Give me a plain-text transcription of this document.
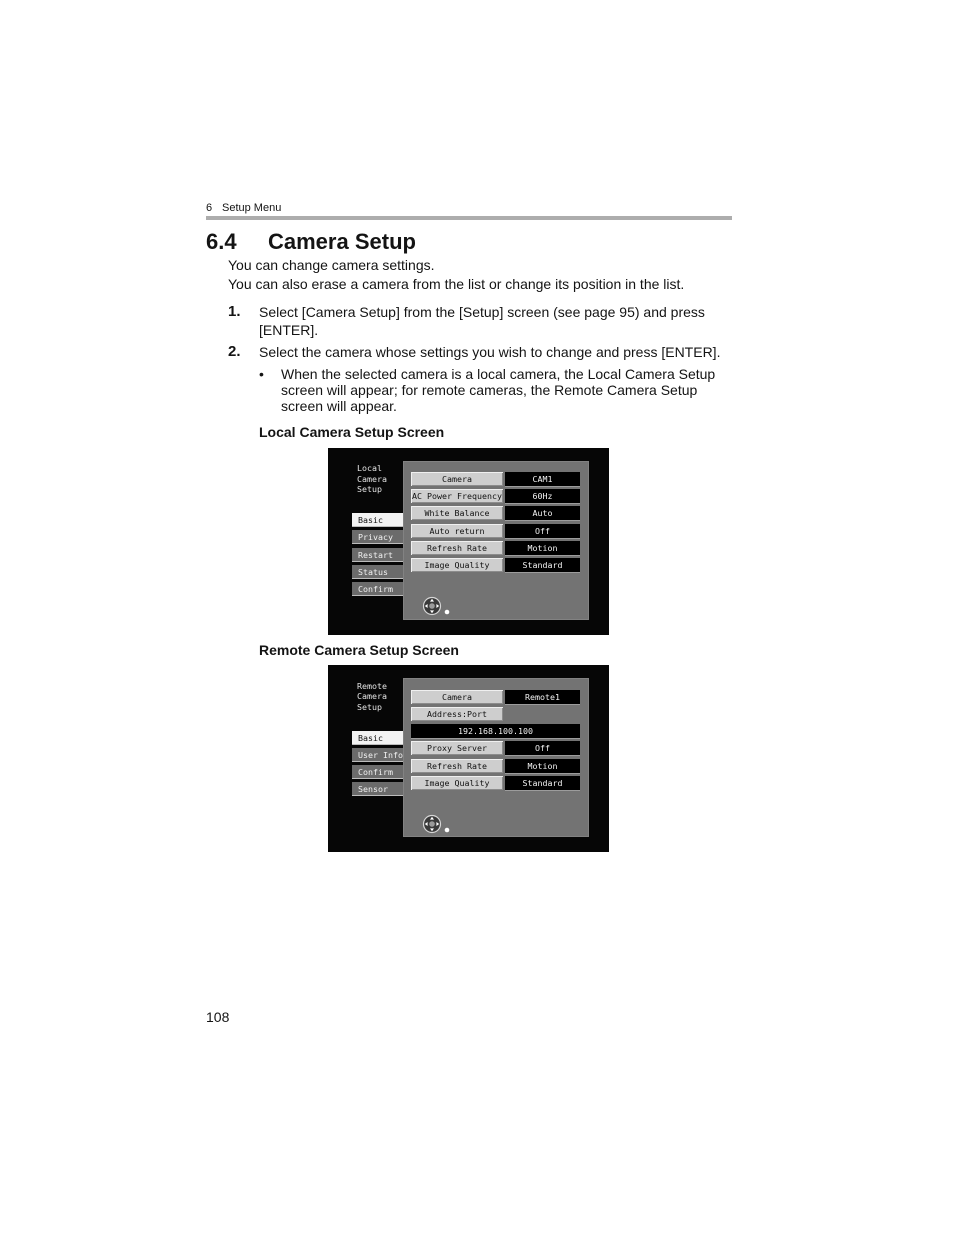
6 Setup Menu
6.4 Camera Setup
You can change camera settings.
You can also erase a camera from the list or change its position in the list.
1. Select [Camera Setup] from the [Setup] screen (see page 95) and press
[ENTER].
2. Select the camera whose settings you wish to change and press [ENTER].
• When the selected camera is a local camera, the Local Camera Setup
screen will appear; for remote cameras, the Remote Camera Setup
screen will appear.
Local Camera Setup Screen
Local
Camera
Setup
Basic
Privacy
Restart
Status
Confirm
Camera	CAM1
AC Power Frequency	60Hz
White Balance	Auto
Auto return	Off
Refresh Rate	Motion
Image Quality	Standard
Remote Camera Setup Screen
Remote
Camera
Setup
Basic
User Info
Confirm
Sensor
Camera	Remote1
Address:Port
192.168.100.100
Proxy Server	Off
Refresh Rate	Motion
Image Quality	Standard
108
